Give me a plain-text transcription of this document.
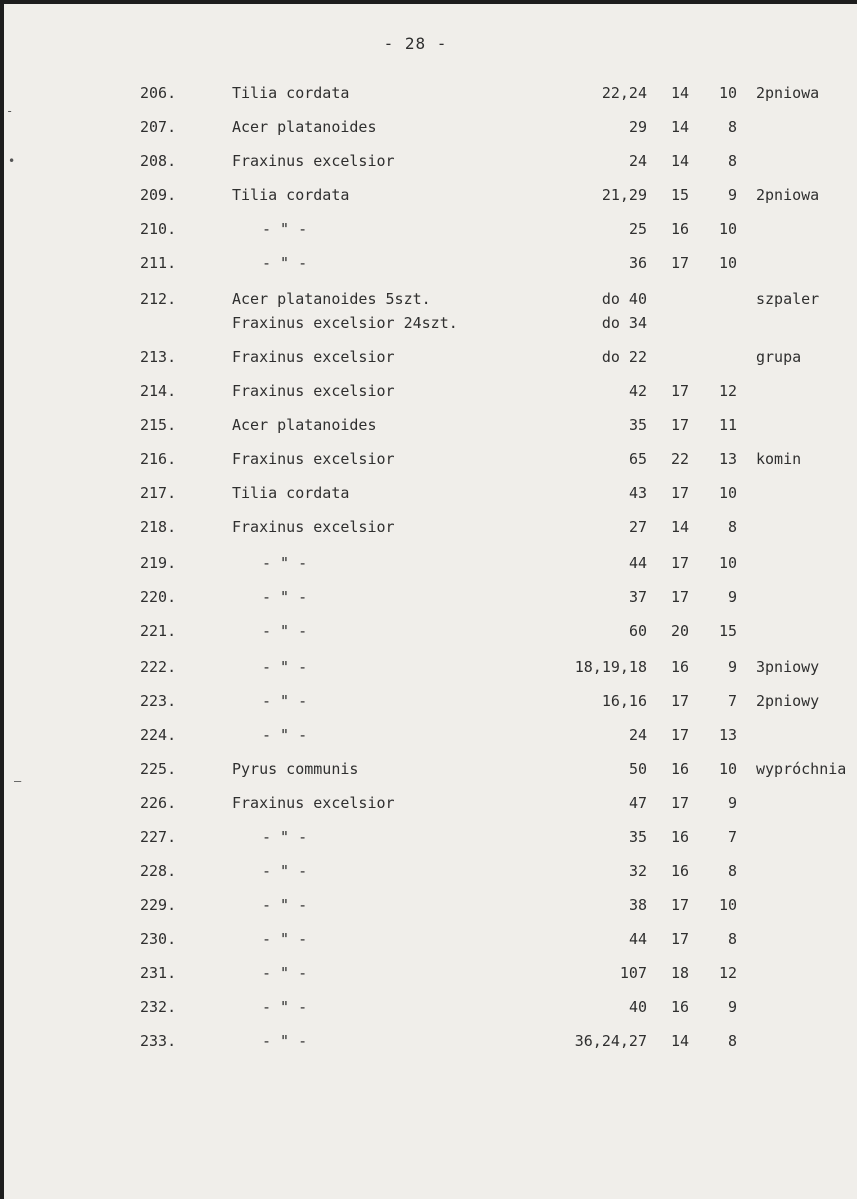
- 28 -
206.	Tilia cordata	22,24 14 10 2pniowa
207.	Acer platanoides	29 14	8
208.	Fraxinus excelsior	24 14	8
209.	Tilia cordata	21,29 15	9 2pniowa
210.	- " -	25 16 10
211.	- " -	36 17 10
212.	Acer platanoides 5szt.	do 40	szpaler
Fraxinus excelsior 24szt.	do 34
213.	Fraxinus excelsior	do 22	grupa
214.	Fraxinus excelsior	42 17 12
215.	Acer platanoides	35 17 11
216.	Fraxinus excelsior	65 22 13 komin
217.	Tilia cordata	43 17 10
218.	Fraxinus excelsior	27 14	8
219.	- " -	44 17 10
220.	- " -	37 17	9
221.	- " -	60 20 15
222.	- " -	18,19,18 16	9 3pniowy
223.	- " -	16,16 17	7 2pniowy
224.	- " -	24 17 13
225.	Pyrus communis	50 16 10 wypróchnia
226.	Fraxinus excelsior	47 17	9
227.	- " -	35 16	7
228.	- " -	32 16	8
229.	- " -	38 17 10
230.	- " -	44 17	8
231.	- " -	107 18 12
232.	- " -	40 16	9
233.	- " -	36,24,27 14	8
-
•
–
